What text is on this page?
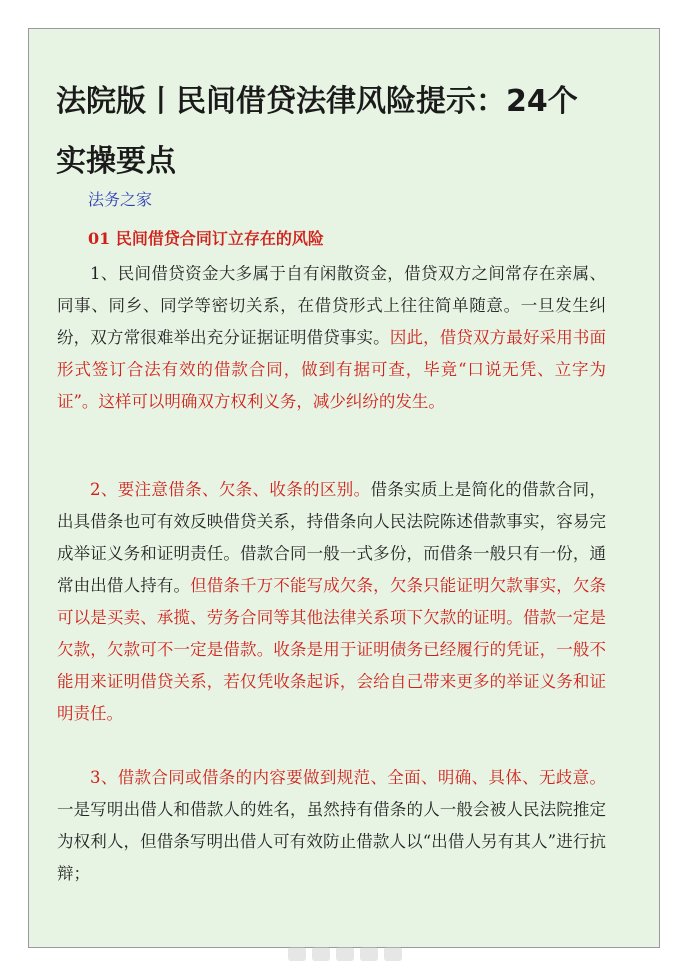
法院版丨民间借贷法律风险提示：24个实操要点
法务之家
01 民间借贷合同订立存在的风险

1、民间借贷资金大多属于自有闲散资金，借贷双方之间常存在亲属、同事、同乡、同学等密切关系，在借贷形式上往往简单随意。一旦发生纠纷，双方常很难举出充分证据证明借贷事实。因此，借贷双方最好采用书面形式签订合法有效的借款合同，做到有据可查，毕竟“口说无凭、立字为证”。这样可以明确双方权利义务，减少纠纷的发生。

2、要注意借条、欠条、收条的区别。借条实质上是简化的借款合同，出具借条也可有效反映借贷关系，持借条向人民法院陈述借款事实，容易完成举证义务和证明责任。借款合同一般一式多份，而借条一般只有一份，通常由出借人持有。但借条千万不能写成欠条，欠条只能证明欠款事实，欠条可以是买卖、承揽、劳务合同等其他法律关系项下欠款的证明。借款一定是欠款，欠款可不一定是借款。收条是用于证明债务已经履行的凭证，一般不能用来证明借贷关系，若仅凭收条起诉，会给自己带来更多的举证义务和证明责任。

3、借款合同或借条的内容要做到规范、全面、明确、具体、无歧意。一是写明出借人和借款人的姓名，虽然持有借条的人一般会被人民法院推定为权利人，但借条写明出借人可有效防止借款人以“出借人另有其人”进行抗辩；
